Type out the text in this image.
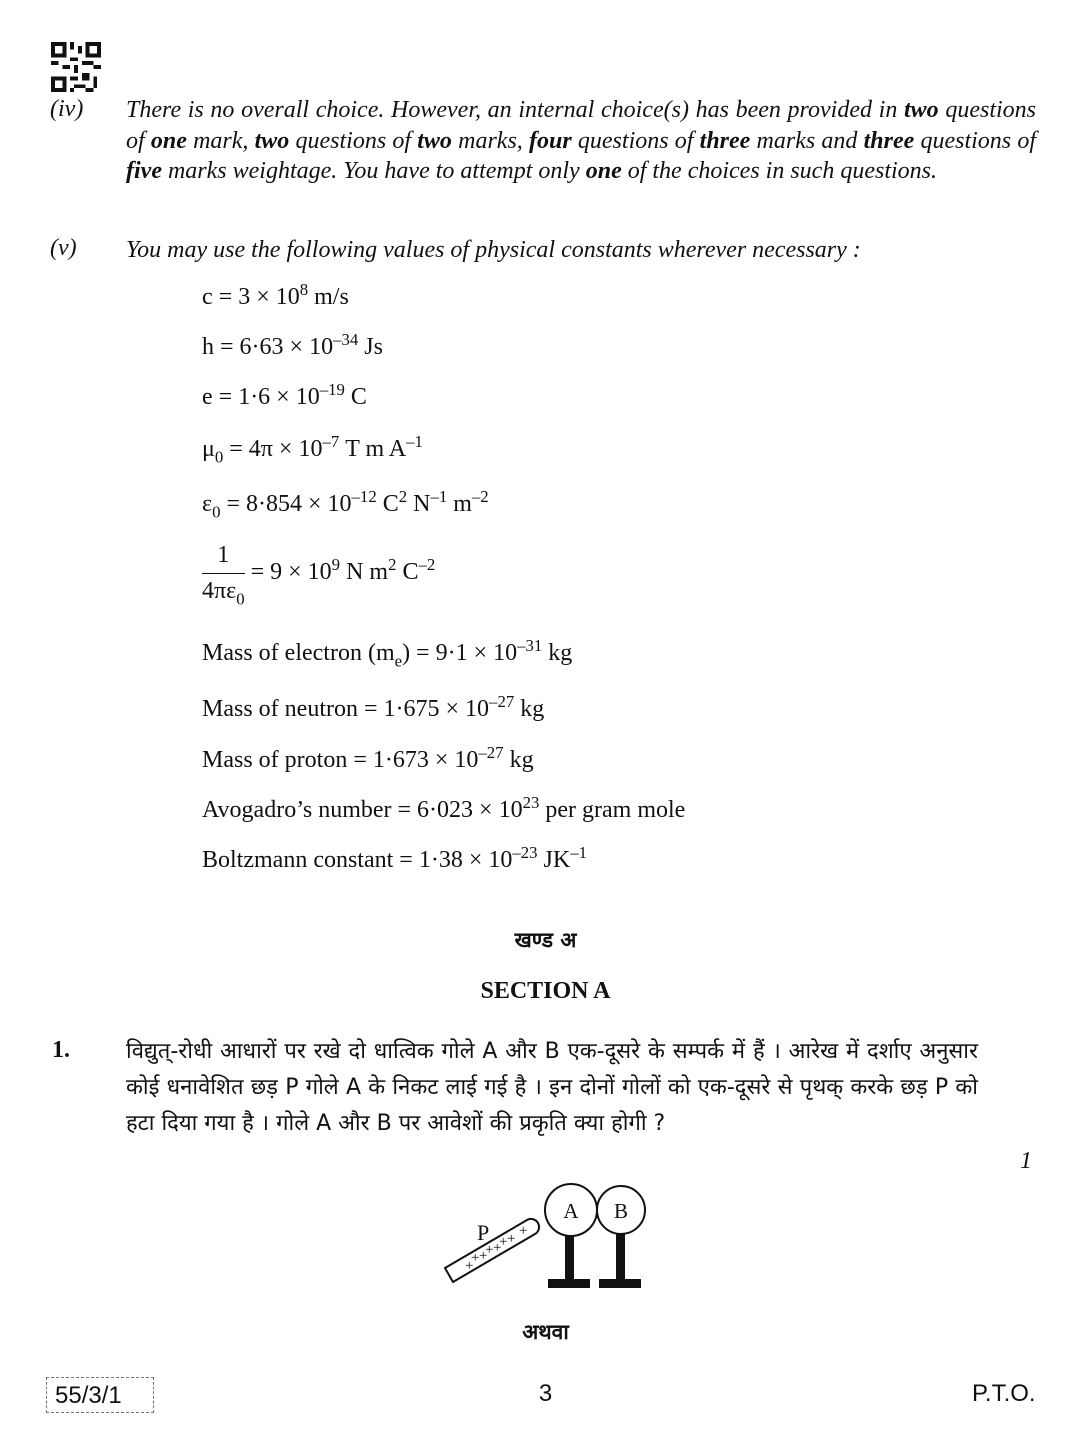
(iv) There is no overall choice. However, an internal choice(s) has been provided in two questions of one mark, two questions of two marks, four questions of three marks and three questions of five marks weightage. You have to attempt only one of the choices in such questions.
(v) You may use the following values of physical constants wherever necessary :
$c = 3 \times 10^8$ m/s
$h = 6\cdot 63 \times 10^{-34}$ Js
$e = 1\cdot 6 \times 10^{-19}$ C
$\mu_0 = 4\pi \times 10^{-7}$ T m $A^{-1}$
$\varepsilon_0 = 8\cdot 854 \times 10^{-12}$ $C^2$ $N^{-1}$ $m^{-2}$
$\frac{1}{4\pi\varepsilon_0} = 9 \times 10^9$ N $m^2$ $C^{-2}$
Mass of electron $(m_e) = 9\cdot 1 \times 10^{-31}$ kg
Mass of neutron = $1\cdot 675 \times 10^{-27}$ kg
Mass of proton = $1\cdot 673 \times 10^{-27}$ kg
Avogadro’s number = $6\cdot 023 \times 10^{23}$ per gram mole
Boltzmann constant = $1\cdot 38 \times 10^{-23}$ $JK^{-1}$
खण्ड अ
SECTION A
1.	विद्युत्-रोधी आधारों पर रखे दो धात्विक गोले A और B एक-दूसरे के सम्पर्क में हैं । आरेख में दर्शाए अनुसार कोई धनावेशित छड़ P गोले A के निकट लाई गई है । इन दोनों गोलों को एक-दूसरे से पृथक् करके छड़ P को हटा दिया गया है । गोले A और B पर आवेशों की प्रकृति क्या होगी ?
1
P
+
+ +
+ +
+ + +
A B
अथवा
55/3/1	3	P.T.O.
